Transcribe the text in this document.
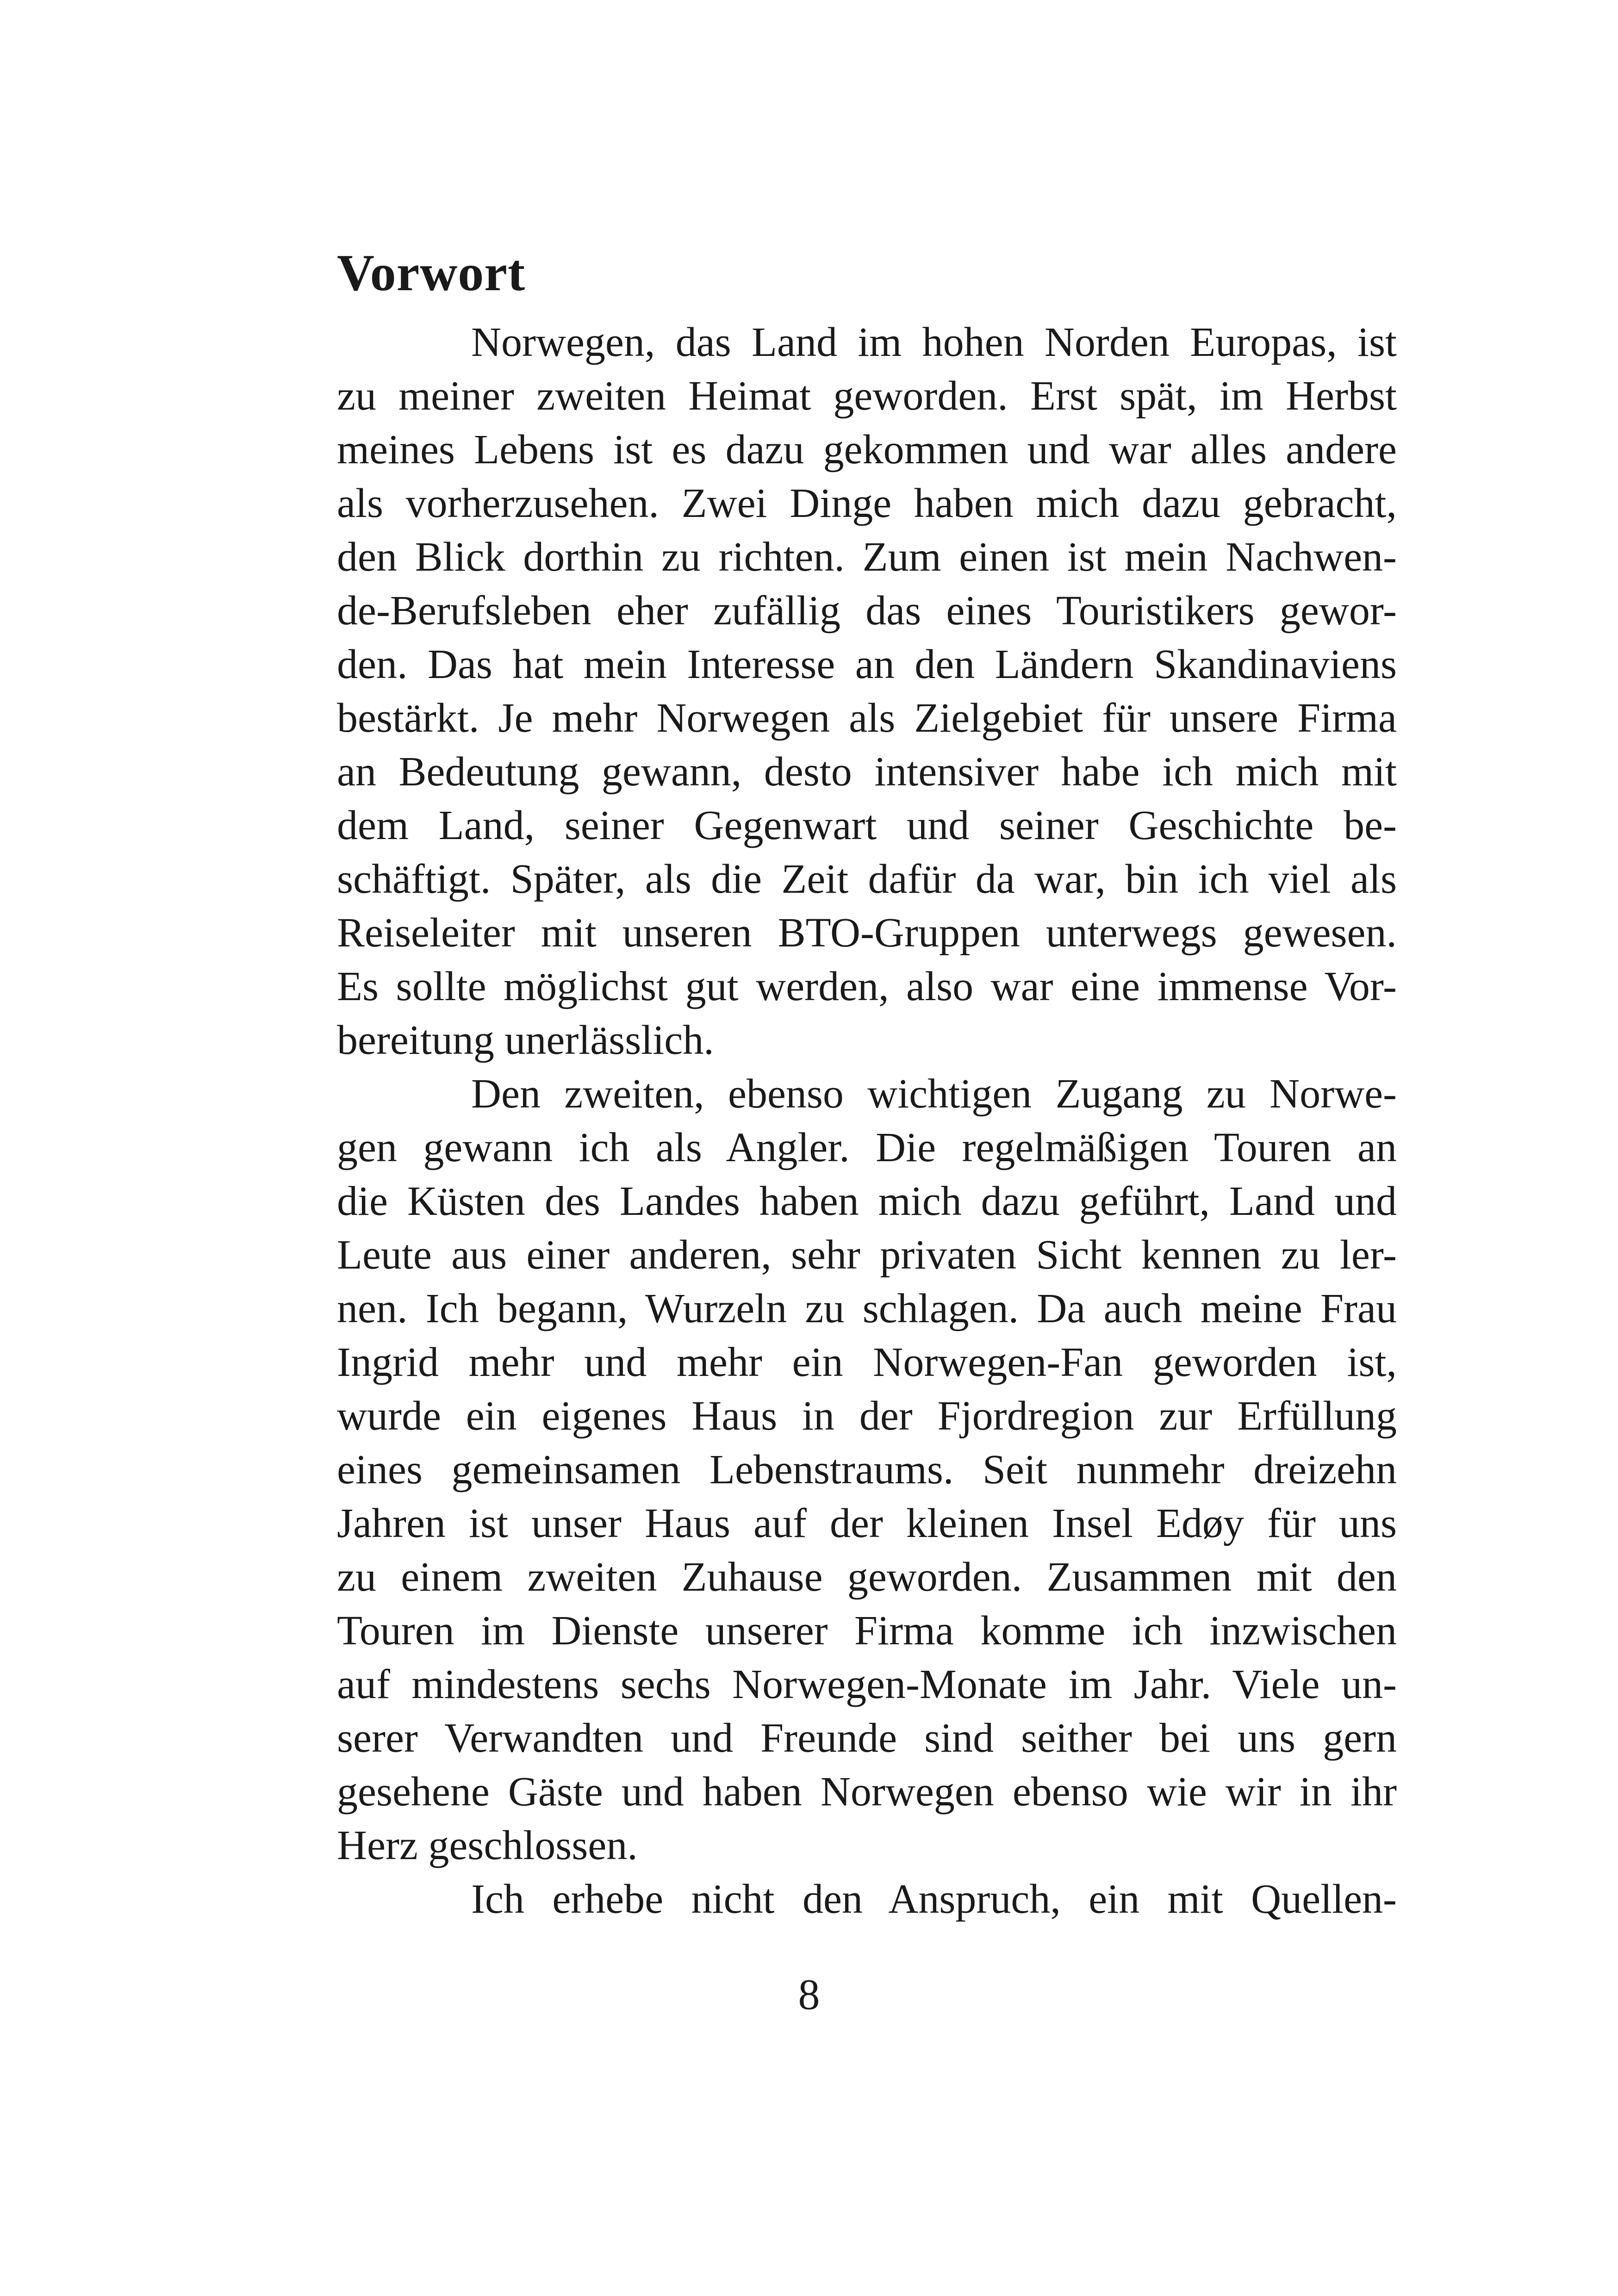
Vorwort

Norwegen, das Land im hohen Norden Europas, ist
zu meiner zweiten Heimat geworden. Erst spät, im Herbst
meines Lebens ist es dazu gekommen und war alles andere
als vorherzusehen. Zwei Dinge haben mich dazu gebracht,
den Blick dorthin zu richten. Zum einen ist mein Nachwen-
de-Berufsleben eher zufällig das eines Touristikers gewor-
den. Das hat mein Interesse an den Ländern Skandinaviens
bestärkt. Je mehr Norwegen als Zielgebiet für unsere Firma
an Bedeutung gewann, desto intensiver habe ich mich mit
dem Land, seiner Gegenwart und seiner Geschichte be-
schäftigt. Später, als die Zeit dafür da war, bin ich viel als
Reiseleiter mit unseren BTO-Gruppen unterwegs gewesen.
Es sollte möglichst gut werden, also war eine immense Vor-
bereitung unerlässlich.

Den zweiten, ebenso wichtigen Zugang zu Norwe-
gen gewann ich als Angler. Die regelmäßigen Touren an
die Küsten des Landes haben mich dazu geführt, Land und
Leute aus einer anderen, sehr privaten Sicht kennen zu ler-
nen. Ich begann, Wurzeln zu schlagen. Da auch meine Frau
Ingrid mehr und mehr ein Norwegen-Fan geworden ist,
wurde ein eigenes Haus in der Fjordregion zur Erfüllung
eines gemeinsamen Lebenstraums. Seit nunmehr dreizehn
Jahren ist unser Haus auf der kleinen Insel Edøy für uns
zu einem zweiten Zuhause geworden. Zusammen mit den
Touren im Dienste unserer Firma komme ich inzwischen
auf mindestens sechs Norwegen-Monate im Jahr. Viele un-
serer Verwandten und Freunde sind seither bei uns gern
gesehene Gäste und haben Norwegen ebenso wie wir in ihr
Herz geschlossen.

Ich erhebe nicht den Anspruch, ein mit Quellen-

8
